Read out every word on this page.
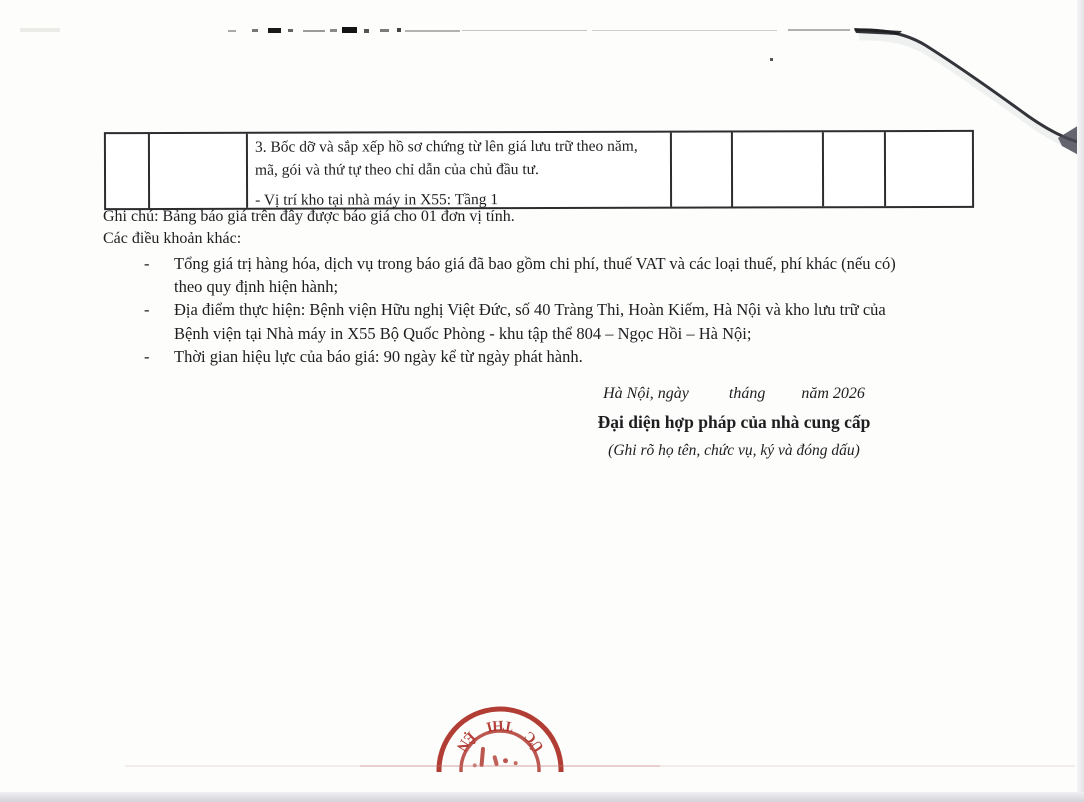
3. Bốc dỡ và sắp xếp hồ sơ chứng từ lên giá lưu trữ theo năm,
mã, gói và thứ tự theo chỉ dẫn của chủ đầu tư.
- Vị trí kho tại nhà máy in X55: Tầng 1
Ghi chú: Bảng báo giá trên đây được báo giá cho 01 đơn vị tính.
Các điều khoản khác:
-	Tổng giá trị hàng hóa, dịch vụ trong báo giá đã bao gồm chi phí, thuế VAT và các loại thuế, phí khác (nếu có)
theo quy định hiện hành;
-	Địa điểm thực hiện: Bệnh viện Hữu nghị Việt Đức, số 40 Tràng Thi, Hoàn Kiếm, Hà Nội và kho lưu trữ của
Bệnh viện tại Nhà máy in X55 Bộ Quốc Phòng - khu tập thể 804 – Ngọc Hồi – Hà Nội;
-	Thời gian hiệu lực của báo giá: 90 ngày kể từ ngày phát hành.
Hà Nội, ngày          tháng         năm 2026
Đại diện hợp pháp của nhà cung cấp
(Ghi rõ họ tên, chức vụ, ký và đóng dấu)
ỨC THI ỆN
